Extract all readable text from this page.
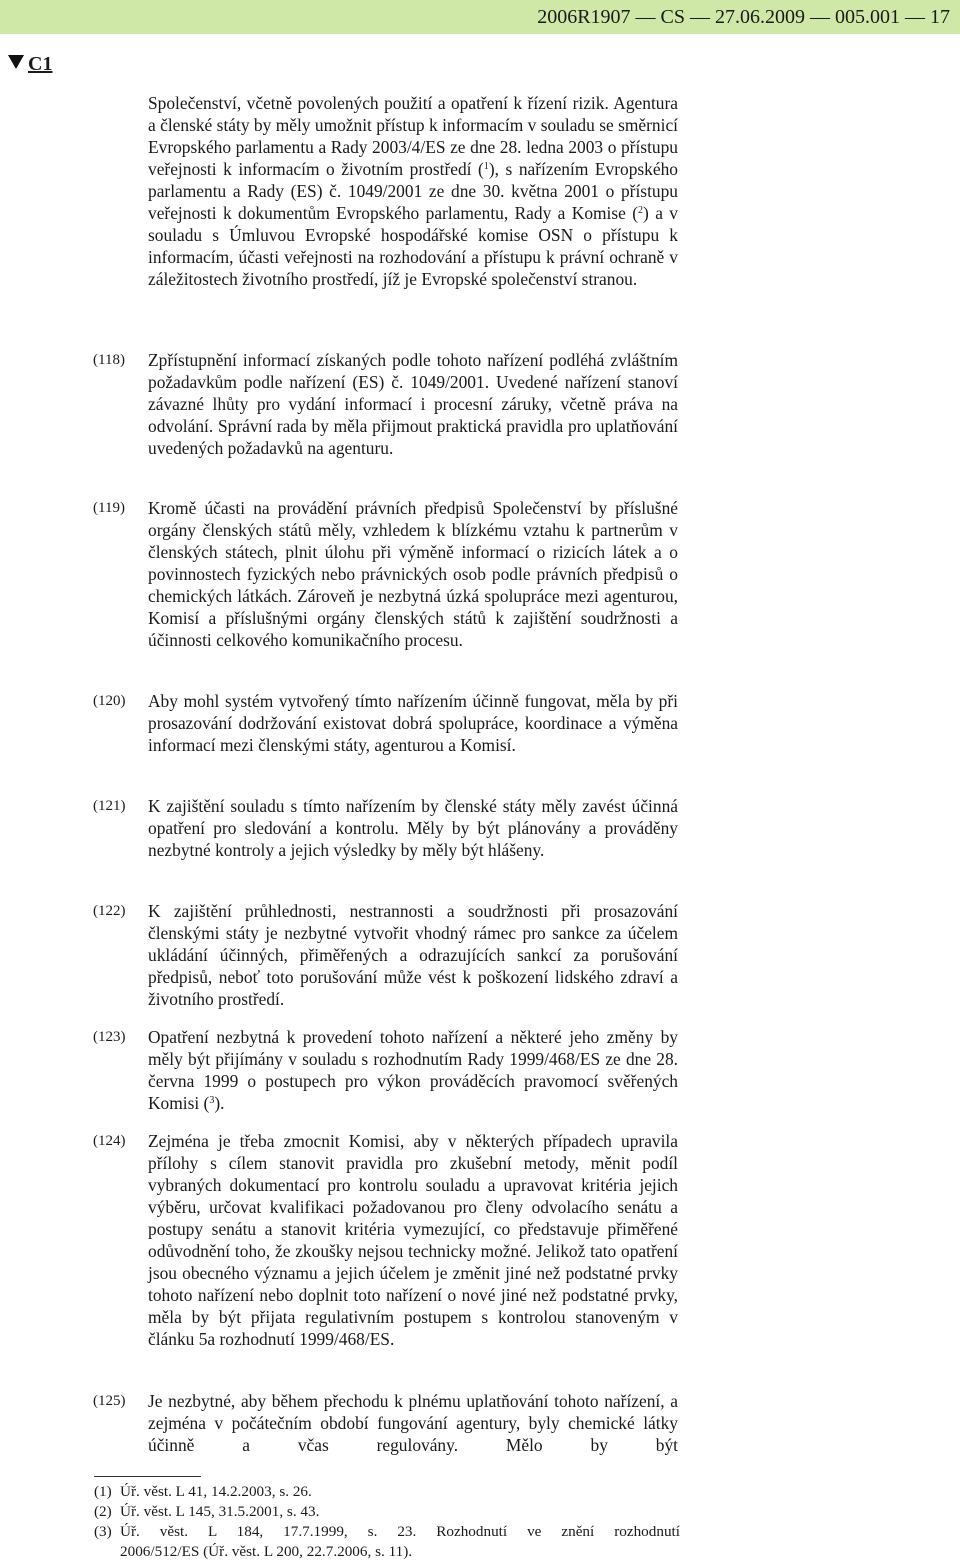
2006R1907 — CS — 27.06.2009 — 005.001 — 17
C1
Společenství, včetně povolených použití a opatření k řízení rizik. Agentura a členské státy by měly umožnit přístup k informacím v souladu se směrnicí Evropského parlamentu a Rady 2003/4/ES ze dne 28. ledna 2003 o přístupu veřejnosti k informacím o životním prostředí ($^1$), s nařízením Evropského parlamentu a Rady (ES) č. 1049/2001 ze dne 30. května 2001 o přístupu veřejnosti k dokumentům Evropského parlamentu, Rady a Komise ($^2$) a v souladu s Úmluvou Evropské hospodářské komise OSN o přístupu k informacím, účasti veřejnosti na rozhodování a přístupu k právní ochraně v záležitostech životního prostředí, jíž je Evropské společenství stranou.
(118) Zpřístupnění informací získaných podle tohoto nařízení podléhá zvláštním požadavkům podle nařízení (ES) č. 1049/2001. Uvedené nařízení stanoví závazné lhůty pro vydání informací i procesní záruky, včetně práva na odvolání. Správní rada by měla přijmout praktická pravidla pro uplatňování uvedených požadavků na agenturu.
(119) Kromě účasti na provádění právních předpisů Společenství by příslušné orgány členských států měly, vzhledem k blízkému vztahu k partnerům v členských státech, plnit úlohu při výměně informací o rizicích látek a o povinnostech fyzických nebo právnických osob podle právních předpisů o chemických látkách. Zároveň je nezbytná úzká spolupráce mezi agenturou, Komisí a příslušnými orgány členských států k zajištění soudržnosti a účinnosti celkového komunikačního procesu.
(120) Aby mohl systém vytvořený tímto nařízením účinně fungovat, měla by při prosazování dodržování existovat dobrá spolupráce, koordinace a výměna informací mezi členskými státy, agenturou a Komisí.
(121) K zajištění souladu s tímto nařízením by členské státy měly zavést účinná opatření pro sledování a kontrolu. Měly by být plánovány a prováděny nezbytné kontroly a jejich výsledky by měly být hlášeny.
(122) K zajištění průhlednosti, nestrannosti a soudržnosti při prosazování členskými státy je nezbytné vytvořit vhodný rámec pro sankce za účelem ukládání účinných, přiměřených a odrazujících sankcí za porušování předpisů, neboť toto porušování může vést k poškození lidského zdraví a životního prostředí.
(123) Opatření nezbytná k provedení tohoto nařízení a některé jeho změny by měly být přijímány v souladu s rozhodnutím Rady 1999/468/ES ze dne 28. června 1999 o postupech pro výkon prováděcích pravomocí svěřených Komisi ($^3$).
(124) Zejména je třeba zmocnit Komisi, aby v některých případech upravila přílohy s cílem stanovit pravidla pro zkušební metody, měnit podíl vybraných dokumentací pro kontrolu souladu a upravovat kritéria jejich výběru, určovat kvalifikaci požadovanou pro členy odvolacího senátu a postupy senátu a stanovit kritéria vymezující, co představuje přiměřené odůvodnění toho, že zkoušky nejsou technicky možné. Jelikož tato opatření jsou obecného významu a jejich účelem je změnit jiné než podstatné prvky tohoto nařízení nebo doplnit toto nařízení o nové jiné než podstatné prvky, měla by být přijata regulativním postupem s kontrolou stanoveným v článku 5a rozhodnutí 1999/468/ES.
(125) Je nezbytné, aby během přechodu k plnému uplatňování tohoto nařízení, a zejména v počátečním období fungování agentury, byly chemické látky účinně a včas regulovány. Mělo by být
(1) Úř. věst. L 41, 14.2.2003, s. 26.
(2) Úř. věst. L 145, 31.5.2001, s. 43.
(3) Úř. věst. L 184, 17.7.1999, s. 23. Rozhodnutí ve znění rozhodnutí
2006/512/ES (Úř. věst. L 200, 22.7.2006, s. 11).
